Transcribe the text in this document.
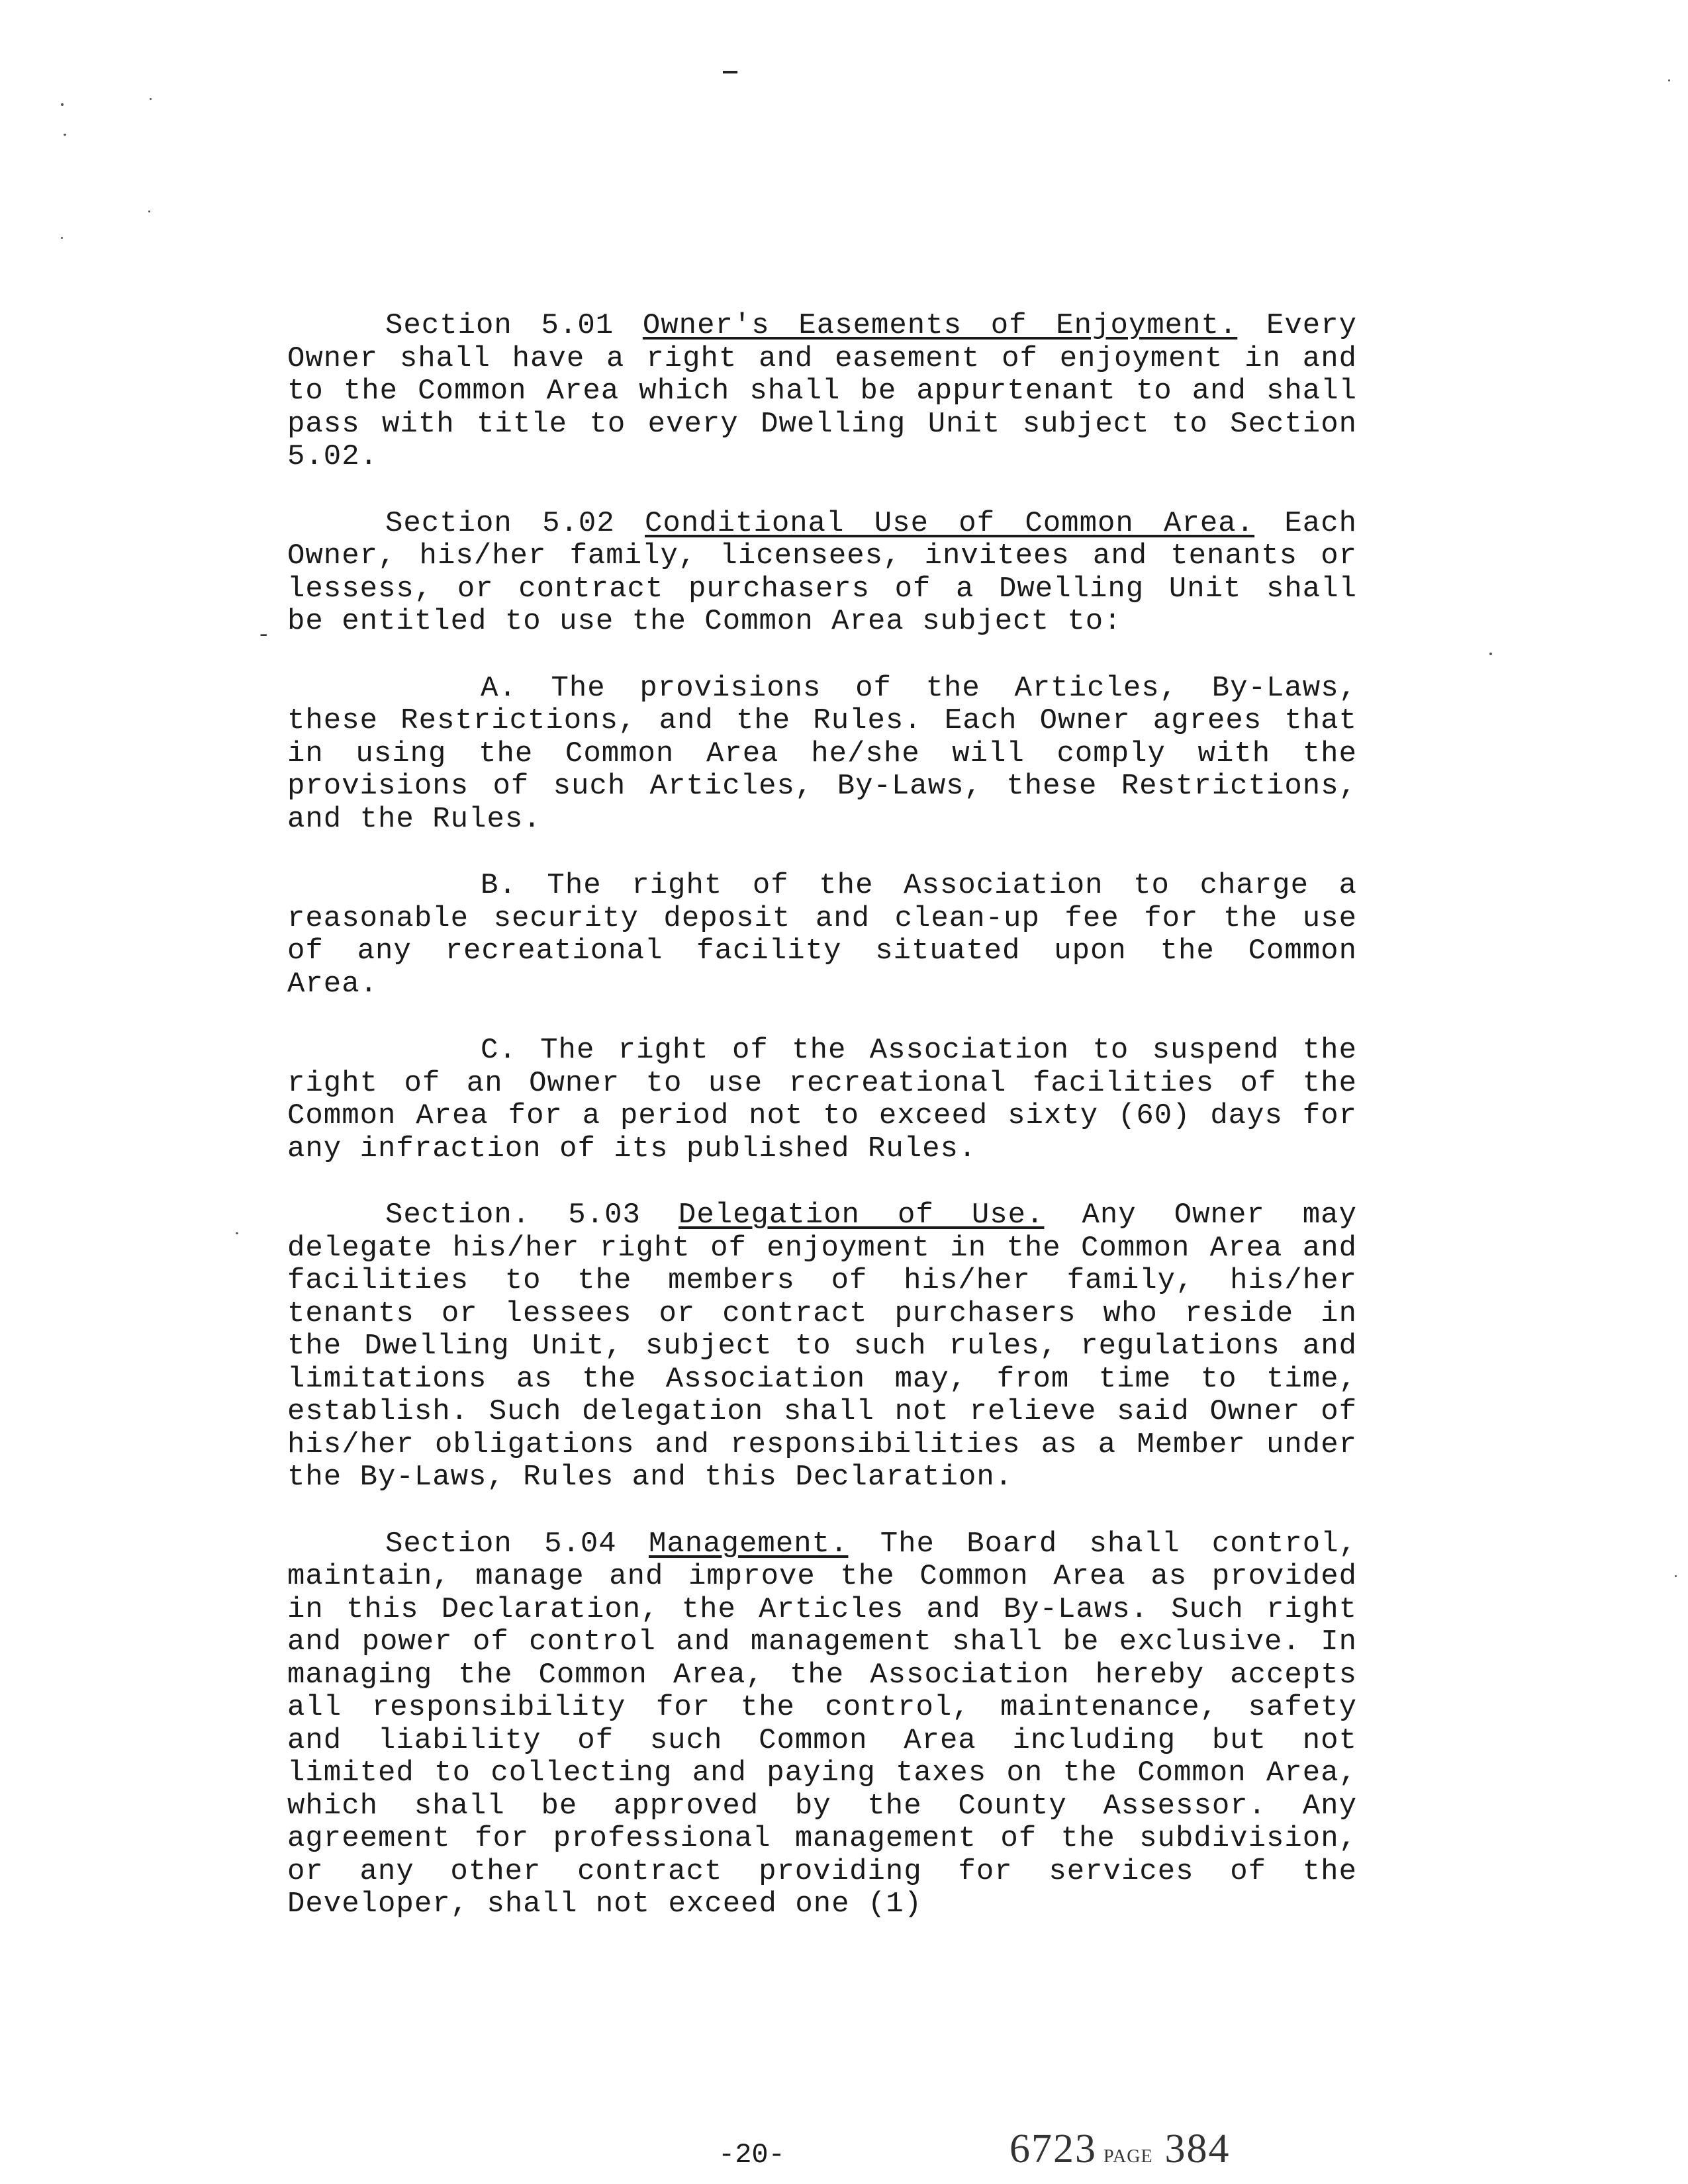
-

Section 5.01 Owner's Easements of Enjoyment. Every Owner shall have a right and easement of enjoyment in and to the Common Area which shall be appurtenant to and shall pass with title to every Dwelling Unit subject to Section 5.02.

Section 5.02 Conditional Use of Common Area. Each Owner, his/her family, licensees, invitees and tenants or lessess, or contract purchasers of a Dwelling Unit shall be entitled to use the Common Area subject to:

A. The provisions of the Articles, By-Laws, these Restrictions, and the Rules. Each Owner agrees that in using the Common Area he/she will comply with the provisions of such Articles, By-Laws, these Restrictions, and the Rules.

B. The right of the Association to charge a reasonable security deposit and clean-up fee for the use of any recreational facility situated upon the Common Area.

C. The right of the Association to suspend the right of an Owner to use recreational facilities of the Common Area for a period not to exceed sixty (60) days for any infraction of its published Rules.

Section. 5.03 Delegation of Use. Any Owner may delegate his/her right of enjoyment in the Common Area and facilities to the members of his/her family, his/her tenants or lessees or contract purchasers who reside in the Dwelling Unit, subject to such rules, regulations and limitations as the Association may, from time to time, establish. Such delegation shall not relieve said Owner of his/her obligations and responsibilities as a Member under the By-Laws, Rules and this Declaration.

Section 5.04 Management. The Board shall control, maintain, manage and improve the Common Area as provided in this Declaration, the Articles and By-Laws. Such right and power of control and management shall be exclusive. In managing the Common Area, the Association hereby accepts all responsibility for the control, maintenance, safety and liability of such Common Area including but not limited to collecting and paying taxes on the Common Area, which shall be approved by the County Assessor. Any agreement for professional management of the subdivision, or any other contract providing for services of the Developer, shall not exceed one (1)

-20-	6723 PAGE 384
